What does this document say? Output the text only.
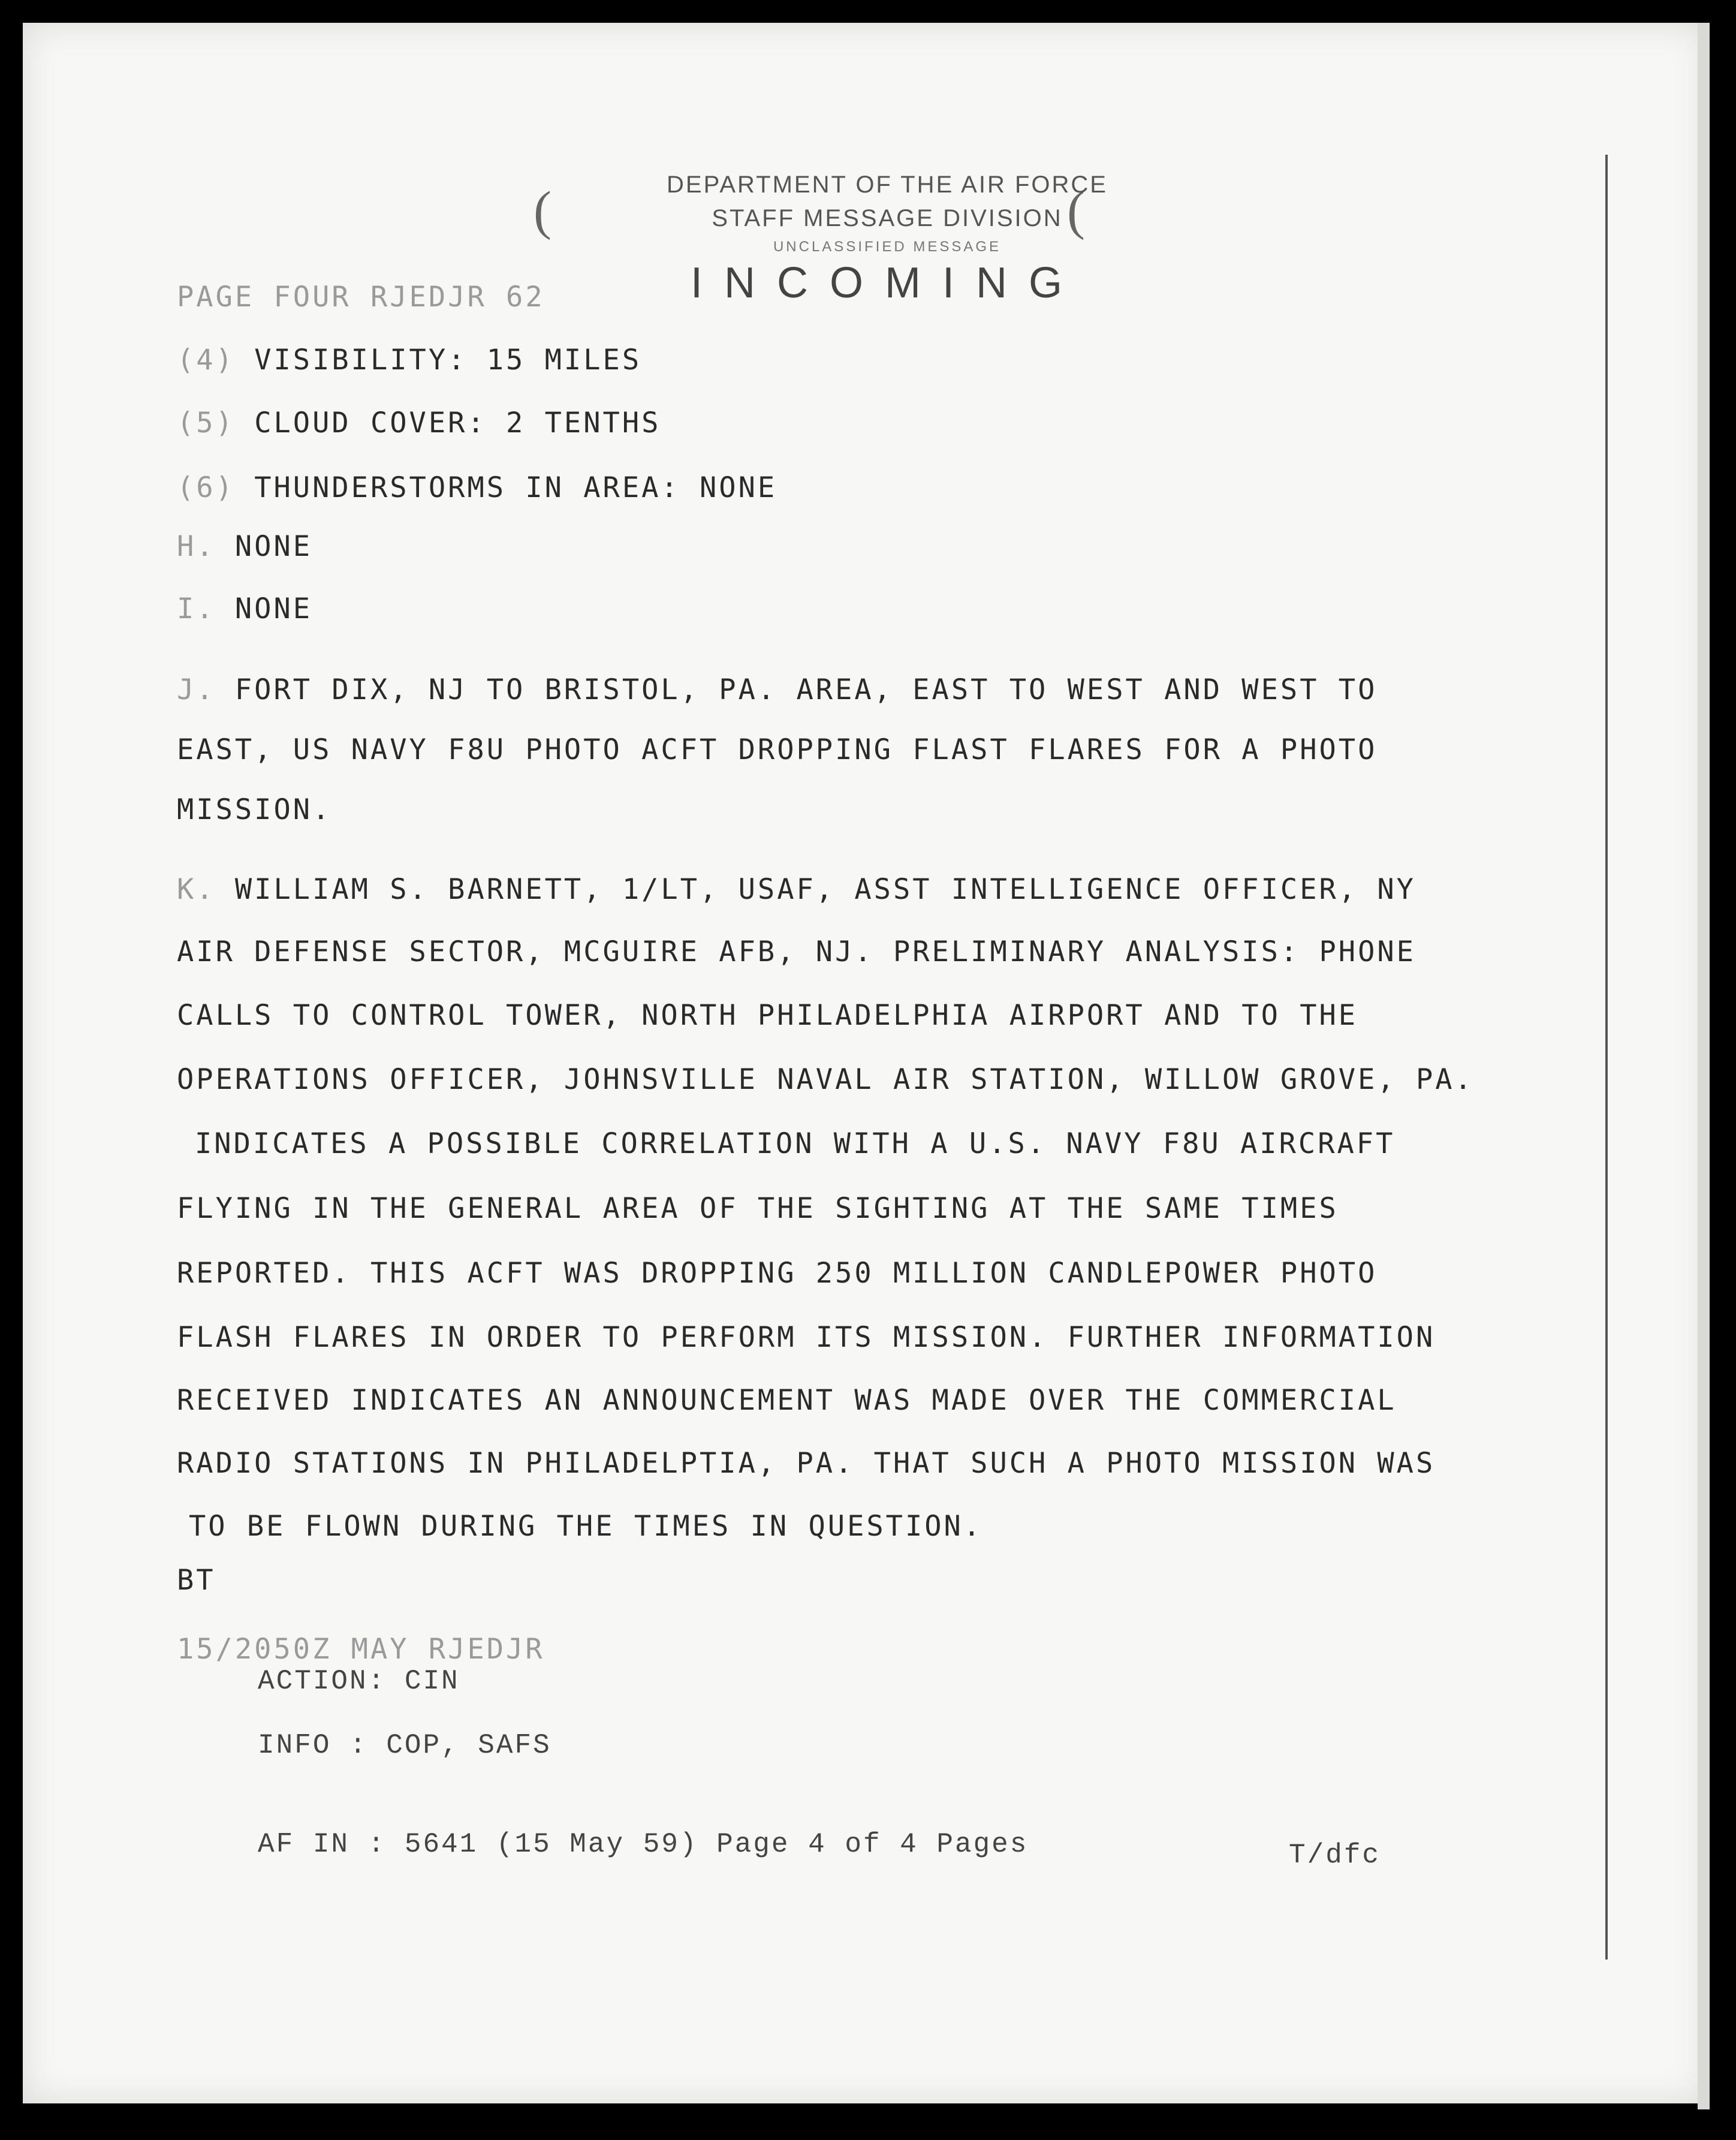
(	(
DEPARTMENT OF THE AIR FORCE
STAFF MESSAGE DIVISION
UNCLASSIFIED MESSAGE
INCOMING
PAGE FOUR RJEDJR 62
(4) VISIBILITY: 15 MILES
(5) CLOUD COVER: 2 TENTHS
(6) THUNDERSTORMS IN AREA: NONE
H. NONE
I. NONE
J. FORT DIX, NJ TO BRISTOL, PA. AREA, EAST TO WEST AND WEST TO
EAST, US NAVY F8U PHOTO ACFT DROPPING FLAST FLARES FOR A PHOTO
MISSION.
K. WILLIAM S. BARNETT, 1/LT, USAF, ASST INTELLIGENCE OFFICER, NY
AIR DEFENSE SECTOR, MCGUIRE AFB, NJ. PRELIMINARY ANALYSIS: PHONE
CALLS TO CONTROL TOWER, NORTH PHILADELPHIA AIRPORT AND TO THE
OPERATIONS OFFICER, JOHNSVILLE NAVAL AIR STATION, WILLOW GROVE, PA.
INDICATES A POSSIBLE CORRELATION WITH A U.S. NAVY F8U AIRCRAFT
FLYING IN THE GENERAL AREA OF THE SIGHTING AT THE SAME TIMES
REPORTED. THIS ACFT WAS DROPPING 250 MILLION CANDLEPOWER PHOTO
FLASH FLARES IN ORDER TO PERFORM ITS MISSION. FURTHER INFORMATION
RECEIVED INDICATES AN ANNOUNCEMENT WAS MADE OVER THE COMMERCIAL
RADIO STATIONS IN PHILADELPTIA, PA. THAT SUCH A PHOTO MISSION WAS
TO BE FLOWN DURING THE TIMES IN QUESTION.
BT
15/2050Z MAY RJEDJR
ACTION: CIN
INFO : COP, SAFS
AF IN : 5641 (15 May 59) Page 4 of 4 Pages	T/dfc
